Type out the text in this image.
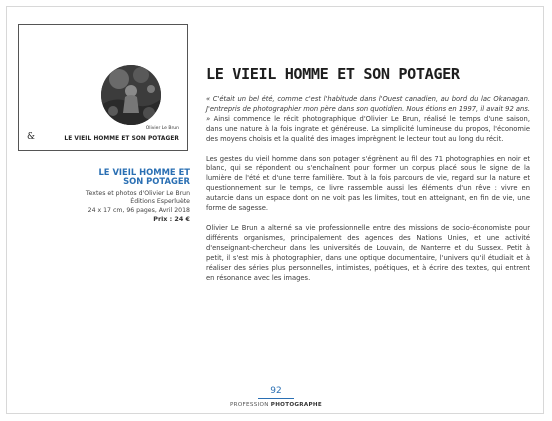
Olivier Le Brun
&	LE VIEIL HOMME ET SON POTAGER
LE VIEIL HOMME ET
SON POTAGER
Textes et photos d'Olivier Le Brun
Éditions Esperluète
24 x 17 cm, 96 pages, Avril 2018
Prix : 24 €
LE VIEIL HOMME ET SON POTAGER

« C'était un bel été, comme c'est l'habitude dans l'Ouest canadien, au bord du lac Okanagan. J'entrepris de photographier mon père dans son quotidien. Nous étions en 1997, il avait 92 ans. » Ainsi commence le récit photographique d'Olivier Le Brun, réalisé le temps d'une saison, dans une nature à la fois ingrate et généreuse. La simplicité lumineuse du propos, l'économie des moyens choisis et la qualité des images imprègnent le lecteur tout au long du récit.

Les gestes du vieil homme dans son potager s'égrènent au fil des 71 photographies en noir et blanc, qui se répondent ou s'enchaînent pour former un corpus placé sous le signe de la lumière de l'été et d'une terre familière. Tout à la fois parcours de vie, regard sur la nature et questionnement sur le temps, ce livre rassemble aussi les éléments d'un rêve : vivre en autarcie dans un espace dont on ne voit pas les limites, tout en atteignant, en fin de vie, une forme de sagesse.

Olivier Le Brun a alterné sa vie professionnelle entre des missions de socio-économiste pour différents organismes, principalement des agences des Nations Unies, et une activité d'enseignant-chercheur dans les universités de Louvain, de Nanterre et du Sussex. Petit à petit, il s'est mis à photographier, dans une optique documentaire, l'univers qu'il étudiait et à réaliser des séries plus personnelles, intimistes, poétiques, et à écrire des textes, qui entrent en résonance avec les images.

92
PROFESSION PHOTOGRAPHE
